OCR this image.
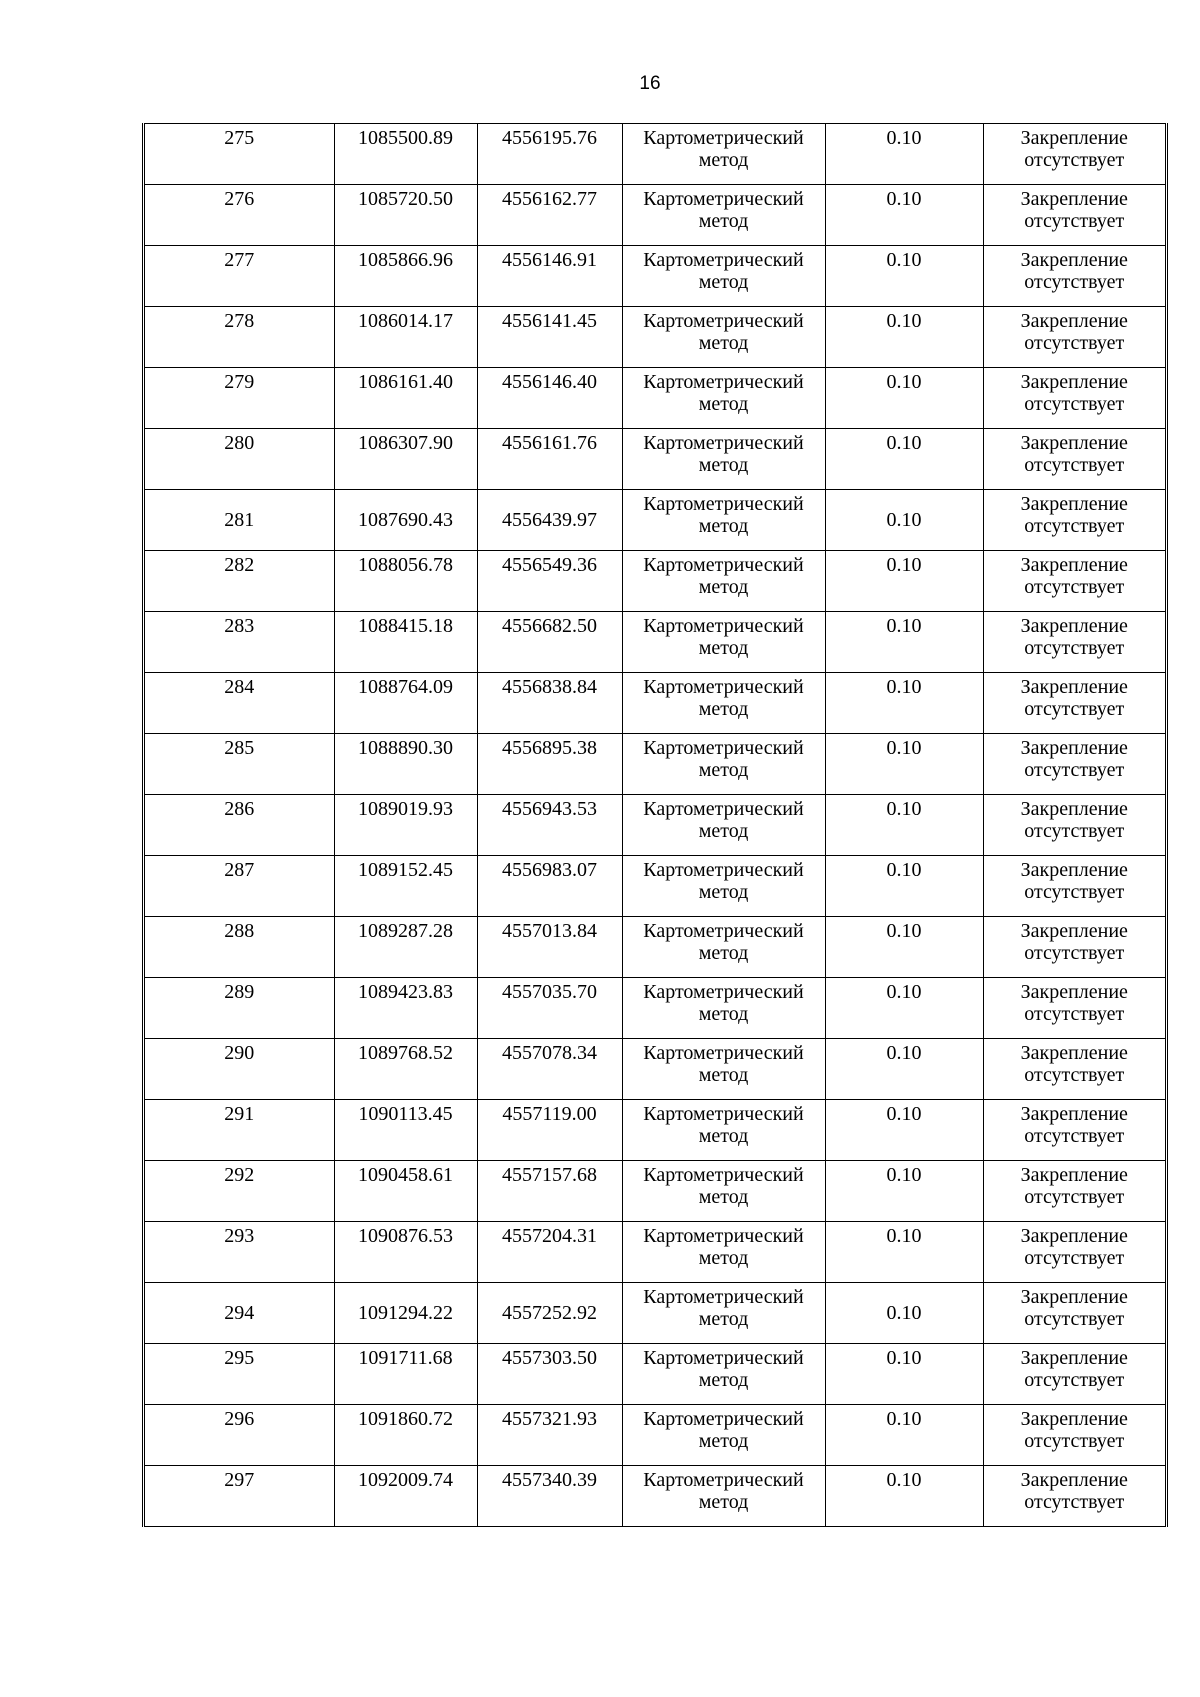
16
275	1085500.89	4556195.76	Картометрический метод	0.10	Закрепление отсутствует

276	1085720.50	4556162.77	Картометрический метод	0.10	Закрепление отсутствует

277	1085866.96	4556146.91	Картометрический метод	0.10	Закрепление отсутствует

278	1086014.17	4556141.45	Картометрический метод	0.10	Закрепление отсутствует

279	1086161.40	4556146.40	Картометрический метод	0.10	Закрепление отсутствует

280	1086307.90	4556161.76	Картометрический метод	0.10	Закрепление отсутствует

281	1087690.43	4556439.97	Картометрический метод	0.10	Закрепление отсутствует

282	1088056.78	4556549.36	Картометрический метод	0.10	Закрепление отсутствует

283	1088415.18	4556682.50	Картометрический метод	0.10	Закрепление отсутствует

284	1088764.09	4556838.84	Картометрический метод	0.10	Закрепление отсутствует

285	1088890.30	4556895.38	Картометрический метод	0.10	Закрепление отсутствует

286	1089019.93	4556943.53	Картометрический метод	0.10	Закрепление отсутствует

287	1089152.45	4556983.07	Картометрический метод	0.10	Закрепление отсутствует

288	1089287.28	4557013.84	Картометрический метод	0.10	Закрепление отсутствует

289	1089423.83	4557035.70	Картометрический метод	0.10	Закрепление отсутствует

290	1089768.52	4557078.34	Картометрический метод	0.10	Закрепление отсутствует

291	1090113.45	4557119.00	Картометрический метод	0.10	Закрепление отсутствует

292	1090458.61	4557157.68	Картометрический метод	0.10	Закрепление отсутствует

293	1090876.53	4557204.31	Картометрический метод	0.10	Закрепление отсутствует

294	1091294.22	4557252.92	Картометрический метод	0.10	Закрепление отсутствует

295	1091711.68	4557303.50	Картометрический метод	0.10	Закрепление отсутствует

296	1091860.72	4557321.93	Картометрический метод	0.10	Закрепление отсутствует

297	1092009.74	4557340.39	Картометрический метод	0.10	Закрепление отсутствует
